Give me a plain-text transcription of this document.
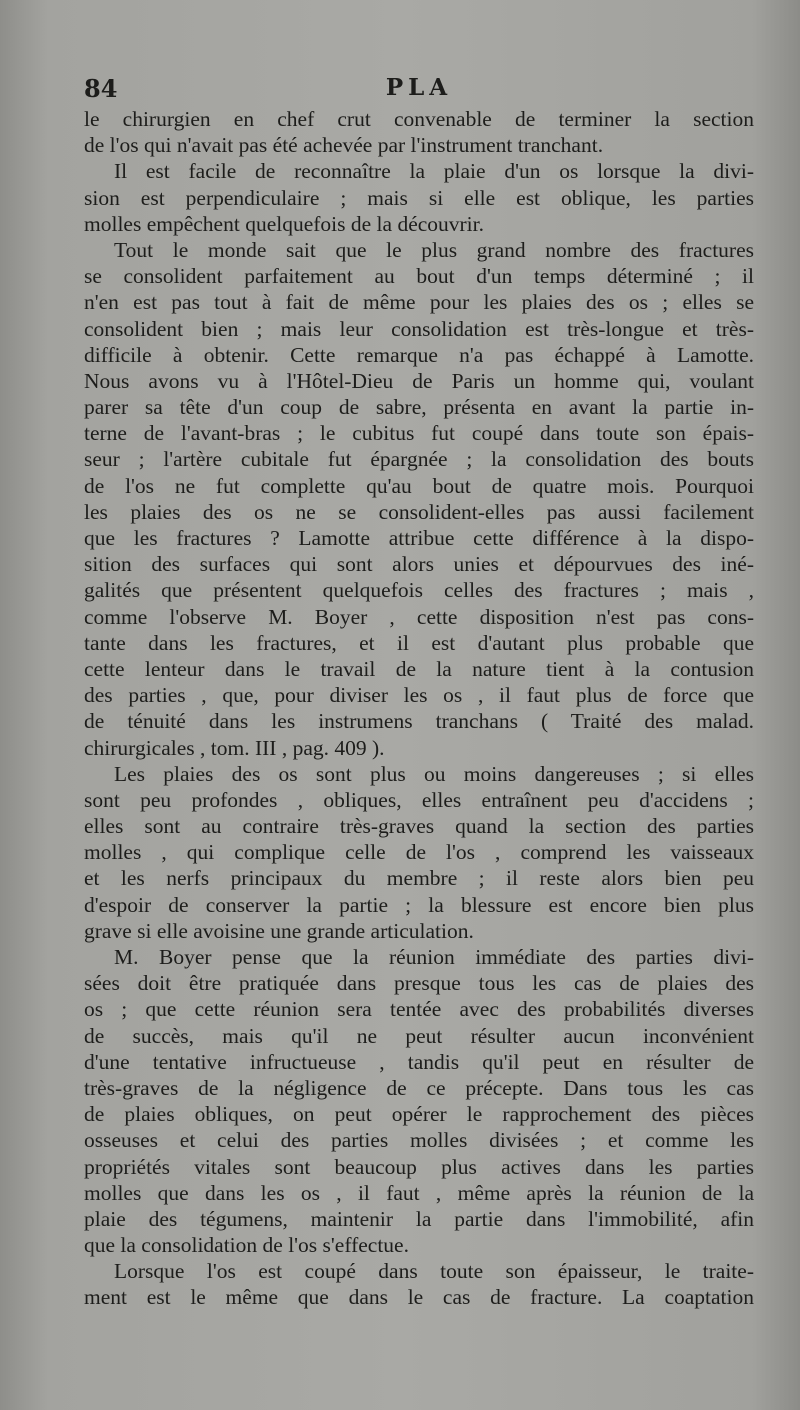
84	PLA
le chirurgien en chef crut convenable de terminer la section
de l'os qui n'avait pas été achevée par l'instrument tranchant.
Il est facile de reconnaître la plaie d'un os lorsque la divi-
sion est perpendiculaire ; mais si elle est oblique, les parties
molles empêchent quelquefois de la découvrir.
Tout le monde sait que le plus grand nombre des fractures
se consolident parfaitement au bout d'un temps déterminé ; il
n'en est pas tout à fait de même pour les plaies des os ; elles se
consolident bien ; mais leur consolidation est très-longue et très-
difficile à obtenir. Cette remarque n'a pas échappé à Lamotte.
Nous avons vu à l'Hôtel-Dieu de Paris un homme qui, voulant
parer sa tête d'un coup de sabre, présenta en avant la partie in-
terne de l'avant-bras ; le cubitus fut coupé dans toute son épais-
seur ; l'artère cubitale fut épargnée ; la consolidation des bouts
de l'os ne fut complette qu'au bout de quatre mois. Pourquoi
les plaies des os ne se consolident-elles pas aussi facilement
que les fractures ? Lamotte attribue cette différence à la dispo-
sition des surfaces qui sont alors unies et dépourvues des iné-
galités que présentent quelquefois celles des fractures ; mais ,
comme l'observe M. Boyer , cette disposition n'est pas cons-
tante dans les fractures, et il est d'autant plus probable que
cette lenteur dans le travail de la nature tient à la contusion
des parties , que, pour diviser les os , il faut plus de force que
de ténuité dans les instrumens tranchans ( Traité des malad.
chirurgicales , tom. III , pag. 409 ).
Les plaies des os sont plus ou moins dangereuses ; si elles
sont peu profondes , obliques, elles entraînent peu d'accidens ;
elles sont au contraire très-graves quand la section des parties
molles , qui complique celle de l'os , comprend les vaisseaux
et les nerfs principaux du membre ; il reste alors bien peu
d'espoir de conserver la partie ; la blessure est encore bien plus
grave si elle avoisine une grande articulation.
M. Boyer pense que la réunion immédiate des parties divi-
sées doit être pratiquée dans presque tous les cas de plaies des
os ; que cette réunion sera tentée avec des probabilités diverses
de succès, mais qu'il ne peut résulter aucun inconvénient
d'une tentative infructueuse , tandis qu'il peut en résulter de
très-graves de la négligence de ce précepte. Dans tous les cas
de plaies obliques, on peut opérer le rapprochement des pièces
osseuses et celui des parties molles divisées ; et comme les
propriétés vitales sont beaucoup plus actives dans les parties
molles que dans les os , il faut , même après la réunion de la
plaie des tégumens, maintenir la partie dans l'immobilité, afin
que la consolidation de l'os s'effectue.
Lorsque l'os est coupé dans toute son épaisseur, le traite-
ment est le même que dans le cas de fracture. La coaptation
